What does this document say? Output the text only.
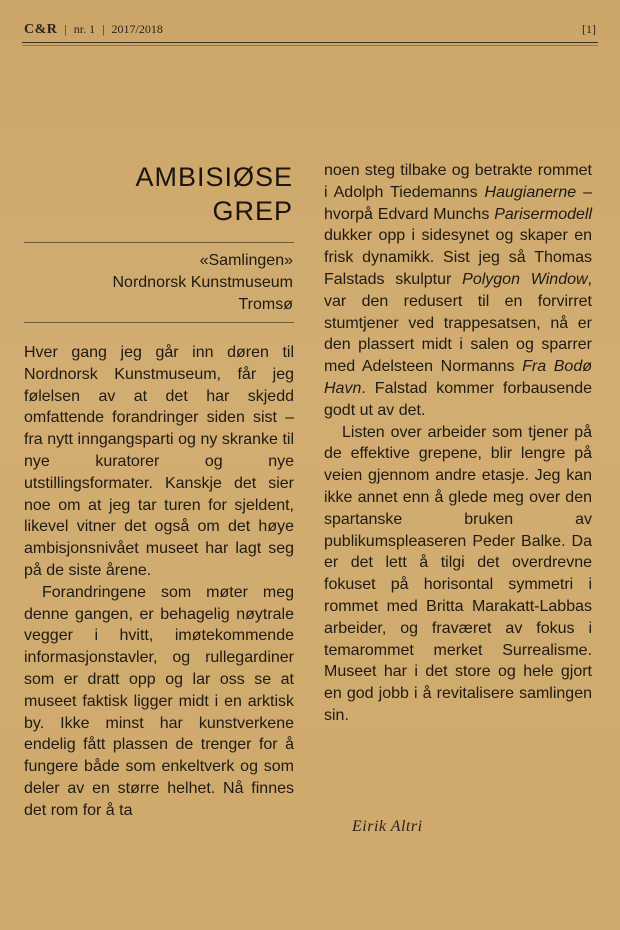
C&R | nr. 1 | 2017/2018	[1]
AMBISIØSE
GREP
«Samlingen»
Nordnorsk Kunstmuseum
Tromsø

Hver gang jeg går inn døren til Nordnorsk Kunstmuseum, får jeg følelsen av at det har skjedd omfattende forandringer siden sist – fra nytt inngangsparti og ny skranke til nye kuratorer og nye utstillingsformater. Kanskje det sier noe om at jeg tar turen for sjeldent, likevel vitner det også om det høye ambisjonsnivået museet har lagt seg på de siste årene.

Forandringene som møter meg denne gangen, er behagelig nøytrale vegger i hvitt, imøtekommende informasjonstavler, og rullegardiner som er dratt opp og lar oss se at museet faktisk ligger midt i en arktisk by. Ikke minst har kunstverkene endelig fått plassen de trenger for å fungere både som enkeltverk og som deler av en større helhet. Nå finnes det rom for å ta

noen steg tilbake og betrakte rommet i Adolph Tiedemanns Haugianerne – hvorpå Edvard Munchs Parisermodell dukker opp i sidesynet og skaper en frisk dynamikk. Sist jeg så Thomas Falstads skulptur Polygon Window, var den redusert til en forvirret stumtjener ved trappesatsen, nå er den plassert midt i salen og sparrer med Adelsteen Normanns Fra Bodø Havn. Falstad kommer forbausende godt ut av det.

Listen over arbeider som tjener på de effektive grepene, blir lengre på veien gjennom andre etasje. Jeg kan ikke annet enn å glede meg over den spartanske bruken av publikumspleaseren Peder Balke. Da er det lett å tilgi det overdrevne fokuset på horisontal symmetri i rommet med Britta Marakatt-Labbas arbeider, og fraværet av fokus i temarommet merket Surrealisme. Museet har i det store og hele gjort en god jobb i å revitalisere samlingen sin.

Eirik Altri
